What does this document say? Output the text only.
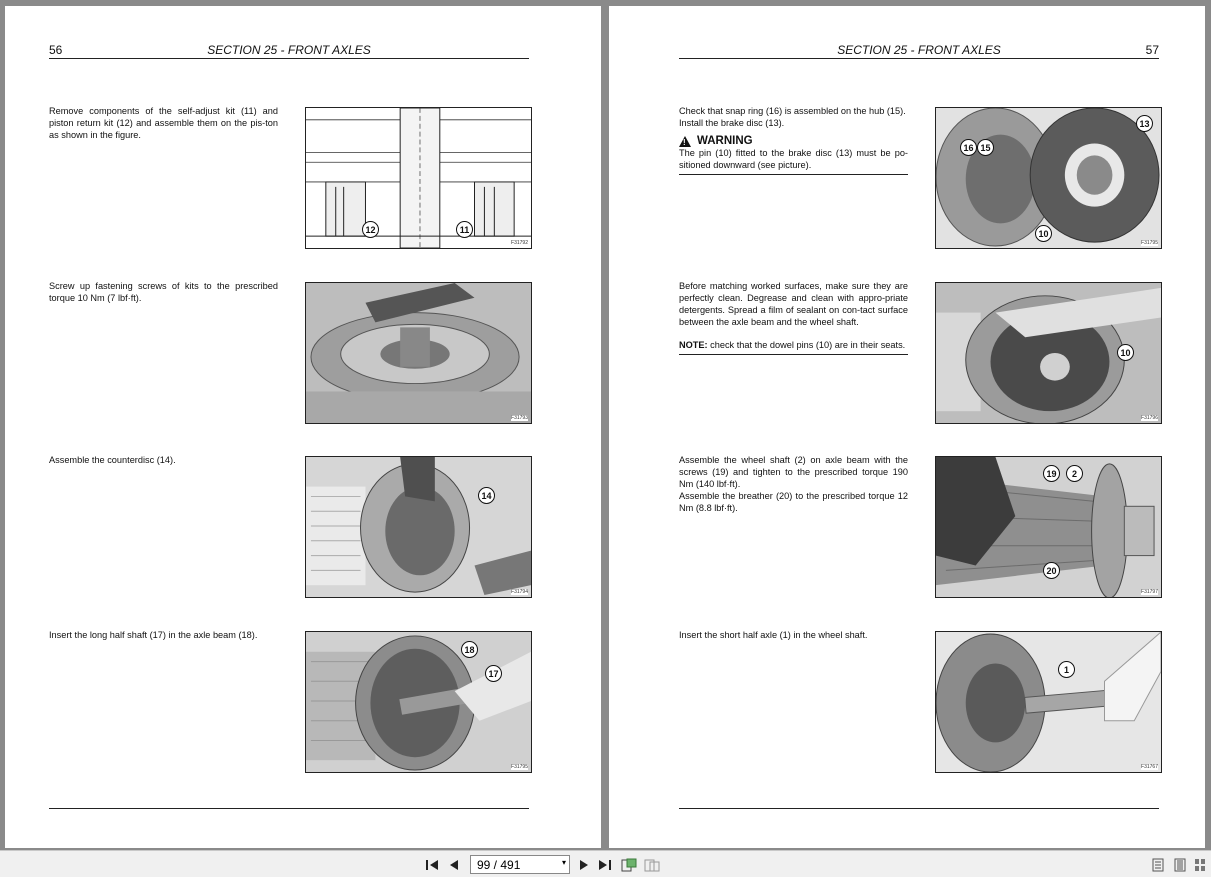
56	SECTION 25 - FRONT AXLES
Remove components of the self-adjust kit (11) and piston return kit (12) and assemble them on the pis-ton as shown in the figure.
12	11
F31792
Screw up fastening screws of kits to the prescribed torque 10 Nm (7 lbf·ft).
F31793
Assemble the counterdisc (14).
14
F31794
Insert the long half shaft (17) in the axle beam (18).
18
17
F31795
SECTION 25 - FRONT AXLES	57

Check that snap ring (16) is assembled on the hub (15).

Install the brake disc (13).

!
WARNING

The pin (10) fitted to the brake disc (13) must be po-sitioned downward (see picture).

13
16 15
10
F31795

Before matching worked surfaces, make sure they are perfectly clean. Degrease and clean with appro-priate detergents. Spread a film of sealant on con-tact surface between the axle beam and the wheel shaft.

NOTE: check that the dowel pins (10) are in their seats.

10
F31796

Assemble the wheel shaft (2) on axle beam with the screws (19) and tighten to the prescribed torque 190 Nm (140 lbf·ft).

Assemble the breather (20) to the prescribed torque 12 Nm (8.8 lbf·ft).

19	2
20
F31797
Insert the short half axle (1) in the wheel shaft.
1
F31767
99 / 491	▾
